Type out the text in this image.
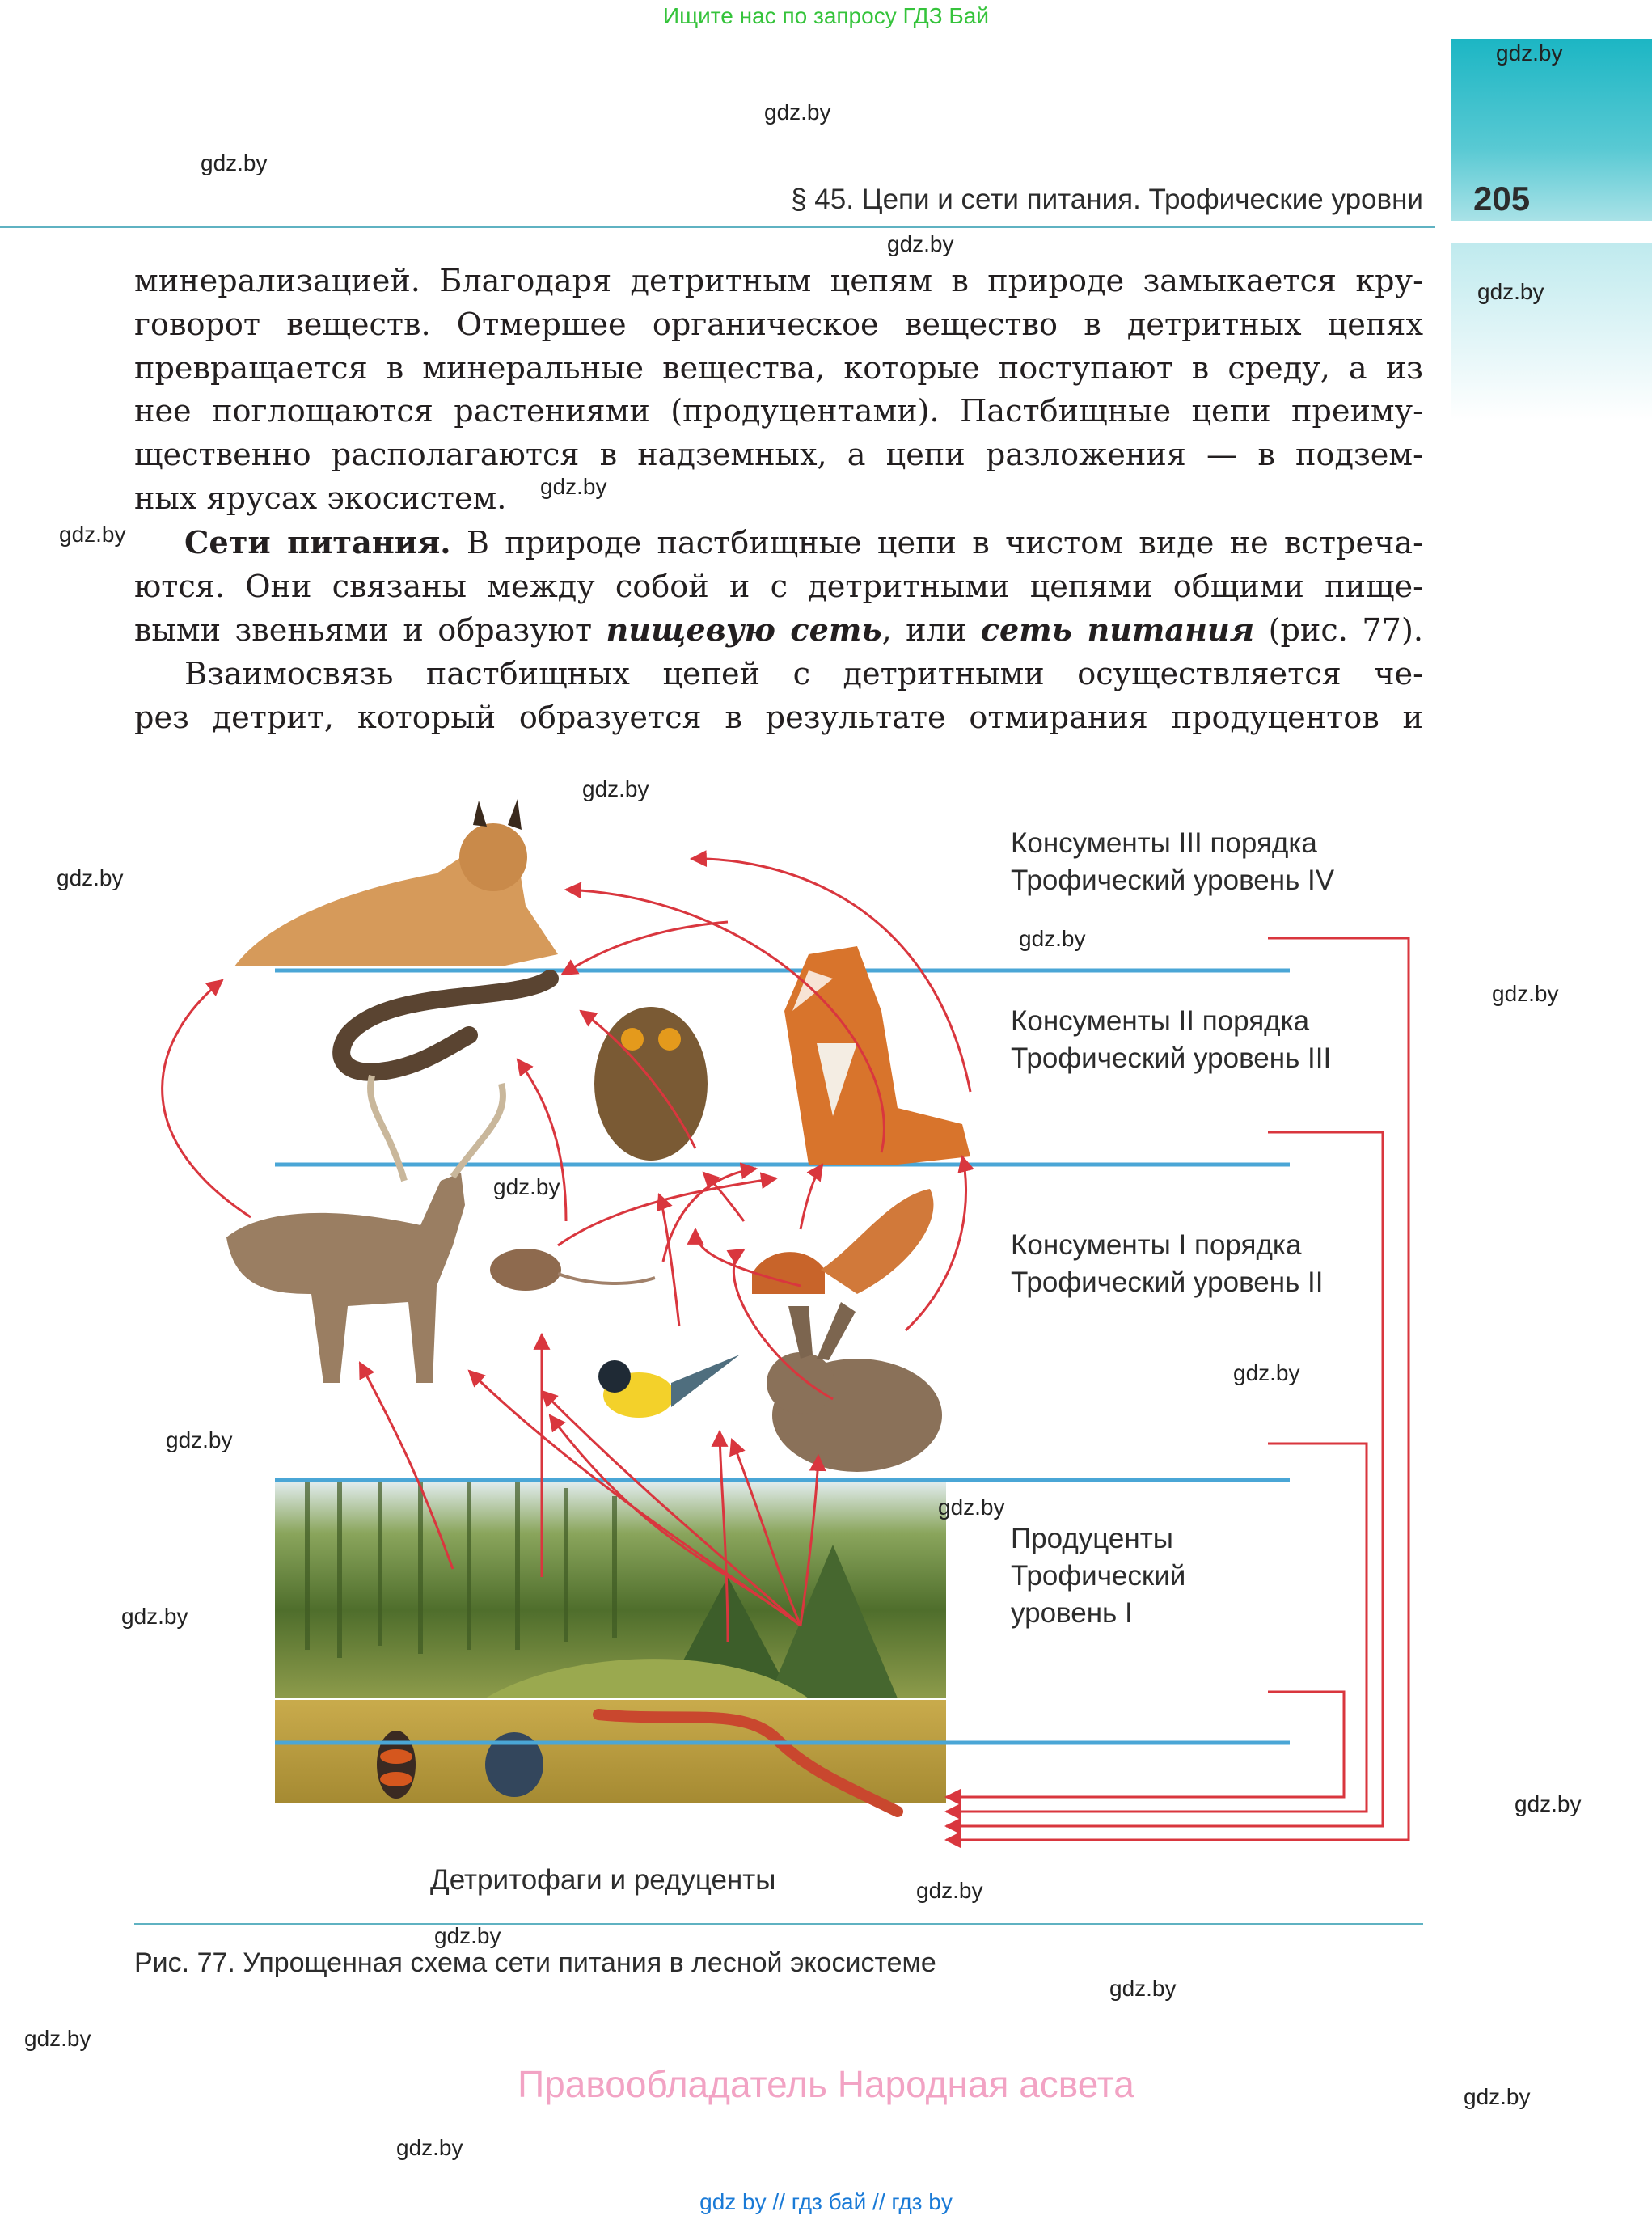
Ищите нас по запросу ГДЗ Бай
205
§ 45. Цепи и сети питания. Трофические уровни

минерализацией. Благодаря детритным цепям в природе замыкается кру-

говорот веществ. Отмершее органическое вещество в детритных цепях

превращается в минеральные вещества, которые поступают в среду, а из

нее поглощаются растениями (продуцентами). Пастбищные цепи преиму-

щественно располагаются в надземных, а цепи разложения — в подзем-

ных ярусах экосистем.

Сети питания. В природе пастбищные цепи в чистом виде не встреча-

ются. Они связаны между собой и с детритными цепями общими пище-

выми звеньями и образуют пищевую сеть, или сеть питания (рис. 77).

Взаимосвязь пастбищных цепей с детритными осуществляется че-

рез детрит, который образуется в результате отмирания продуцентов и

Консументы III порядка
Трофический уровень IV
Консументы II порядка
Трофический уровень III
Консументы I порядка
Трофический уровень II
Продуценты
Трофический
уровень I
Детритофаги и редуценты
Рис. 77. Упрощенная схема сети питания в лесной экосистеме
gdz.by
gdz.by
gdz.by
gdz.by
gdz.by
gdz.by
gdz.by
gdz.by
gdz.by
gdz.by
gdz.by
gdz.by
gdz.by
gdz.by
gdz.by
gdz.by
gdz.by
gdz.by
gdz.by
gdz.by
gdz.by
gdz.by
gdz.by
Правообладатель Народная асвета
gdz by // гдз бай // гдз by
